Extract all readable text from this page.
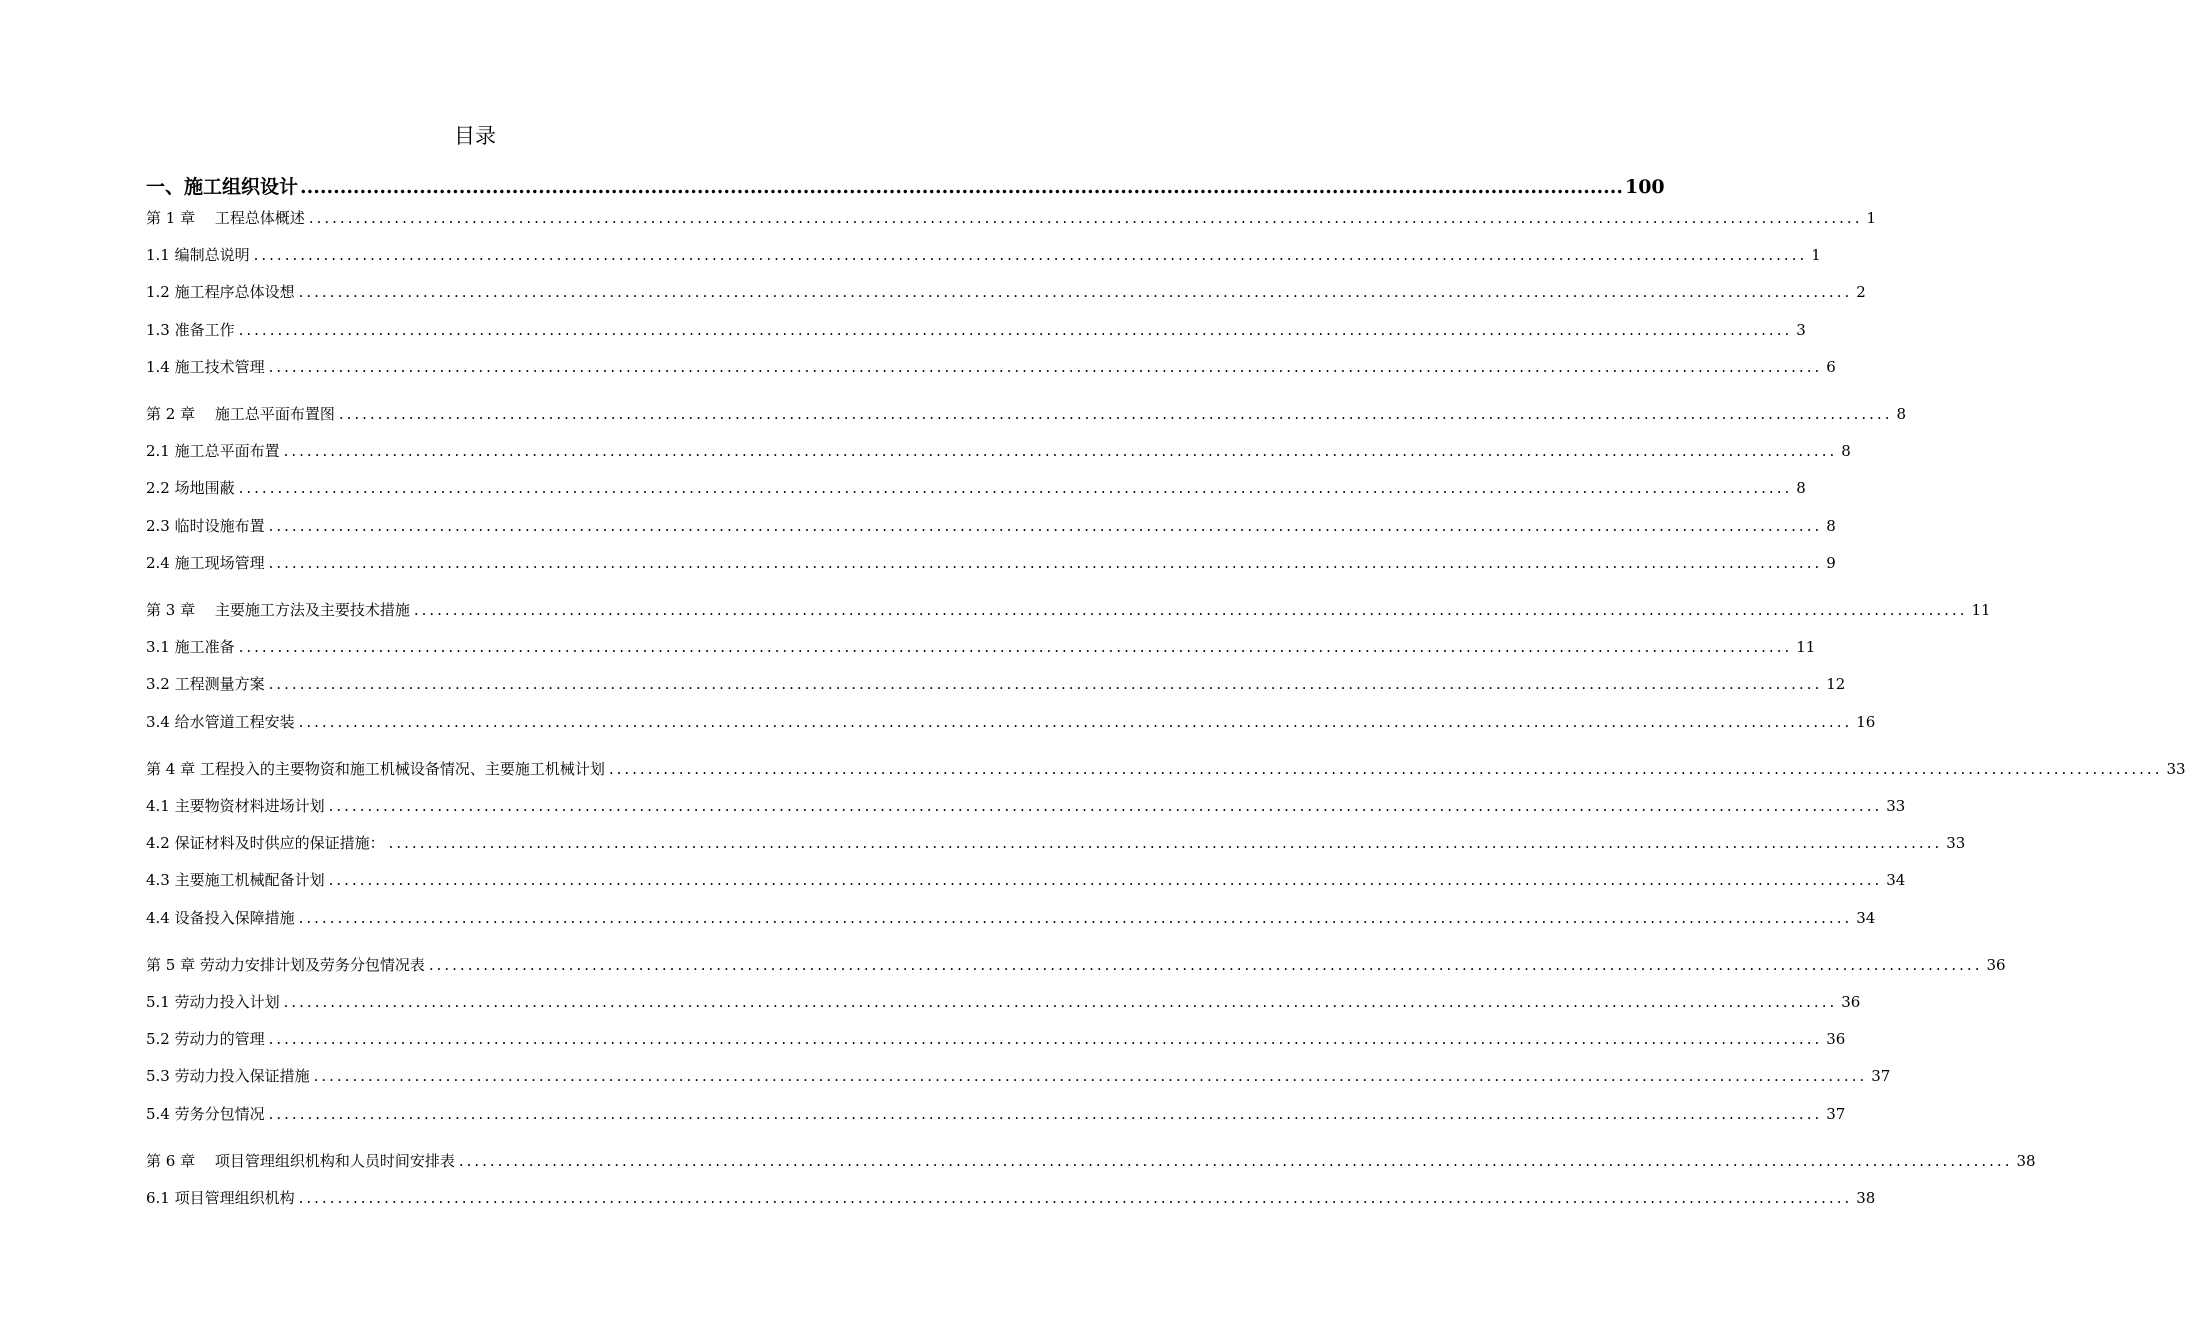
目录
一、施工组织设计 ........................................................................................................................................................................................................ 100
第 1 章　 工程总体概述 ........................................................................................................................................................................................................ 1
1.1 编制总说明 ........................................................................................................................................................................................................ 1
1.2 施工程序总体设想 ........................................................................................................................................................................................................ 2
1.3 准备工作 ........................................................................................................................................................................................................ 3
1.4 施工技术管理 ........................................................................................................................................................................................................ 6
第 2 章　 施工总平面布置图 ........................................................................................................................................................................................................ 8
2.1 施工总平面布置 ........................................................................................................................................................................................................ 8
2.2 场地围蔽 ........................................................................................................................................................................................................ 8
2.3 临时设施布置 ........................................................................................................................................................................................................ 8
2.4 施工现场管理 ........................................................................................................................................................................................................ 9
第 3 章　 主要施工方法及主要技术措施 ........................................................................................................................................................................................................ 11
3.1 施工准备 ........................................................................................................................................................................................................ 11
3.2 工程测量方案 ........................................................................................................................................................................................................ 12
3.4 给水管道工程安装 ........................................................................................................................................................................................................ 16
第 4 章 工程投入的主要物资和施工机械设备情况、主要施工机械计划 ........................................................................................................................................................................................................ 33
4.1 主要物资材料进场计划 ........................................................................................................................................................................................................ 33
4.2 保证材料及时供应的保证措施： ........................................................................................................................................................................................................ 33
4.3 主要施工机械配备计划 ........................................................................................................................................................................................................ 34
4.4 设备投入保障措施 ........................................................................................................................................................................................................ 34
第 5 章 劳动力安排计划及劳务分包情况表 ........................................................................................................................................................................................................ 36
5.1 劳动力投入计划 ........................................................................................................................................................................................................ 36
5.2 劳动力的管理 ........................................................................................................................................................................................................ 36
5.3 劳动力投入保证措施 ........................................................................................................................................................................................................ 37
5.4 劳务分包情况 ........................................................................................................................................................................................................ 37
第 6 章　 项目管理组织机构和人员时间安排表 ........................................................................................................................................................................................................ 38
6.1 项目管理组织机构 ........................................................................................................................................................................................................ 38
